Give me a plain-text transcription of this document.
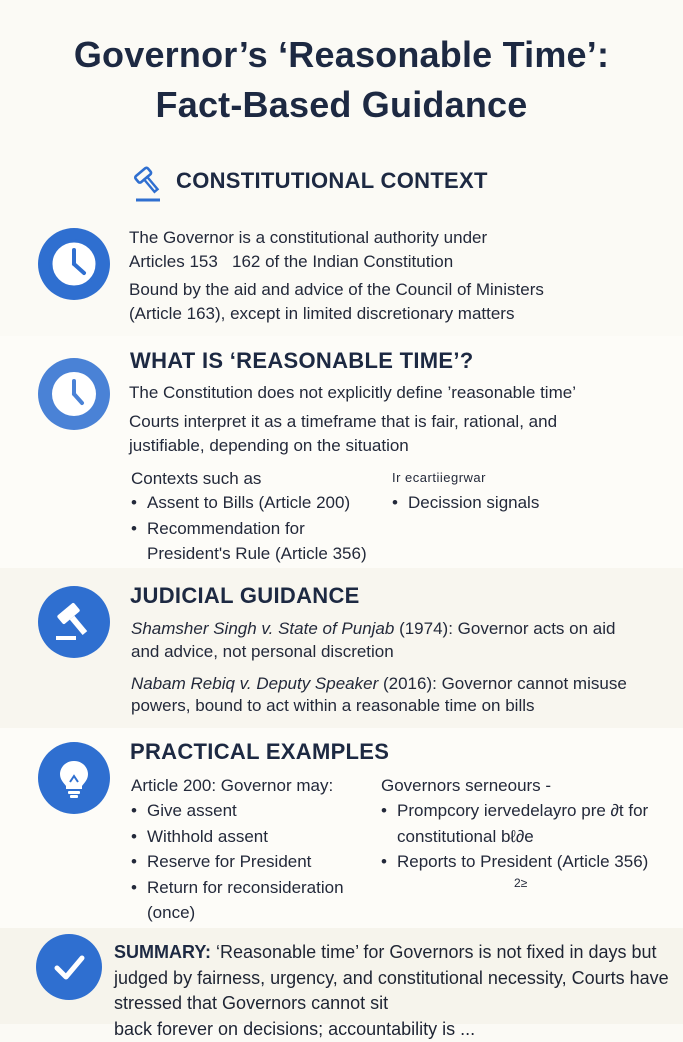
Governor’s ‘Reasonable Time’:
Fact-Based Guidance
CONSTITUTIONAL CONTEXT
The Governor is a constitutional authority under
Articles 153   162 of the Indian Constitution
Bound by the aid and advice of the Council of Ministers
(Article 163), except in limited discretionary matters
WHAT IS ‘REASONABLE TIME’?
The Constitution does not explicitly define ’reasonable time’
Courts interpret it as a timeframe that is fair, rational, and
justifiable, depending on the situation
Contexts such as
• Assent to Bills (Article 200)
• Recommendation for President's Rule (Article 356)
Ir ecartiiegrwar
• Decission signals
JUDICIAL GUIDANCE
Shamsher Singh v. State of Punjab (1974): Governor acts on aid
and advice, not personal discretion
Nabam Rebiq v. Deputy Speaker (2016): Governor cannot misuse
powers, bound to act within a reasonable time on bills
PRACTICAL EXAMPLES
Article 200: Governor may:
• Give assent
• Withhold assent
• Reserve for President
• Return for reconsideration (once)
Governors serneours -
• Prompcory iervedelayro pre ∂t for constitutional bℓ∂e
• Reports to President (Article 356)
2≥
SUMMARY: ‘Reasonable time’ for Governors is not fixed in days but judged by fairness, urgency, and constitutional necessity, Courts have stressed that Governors cannot sit
back forever on decisions; accountability is ...
